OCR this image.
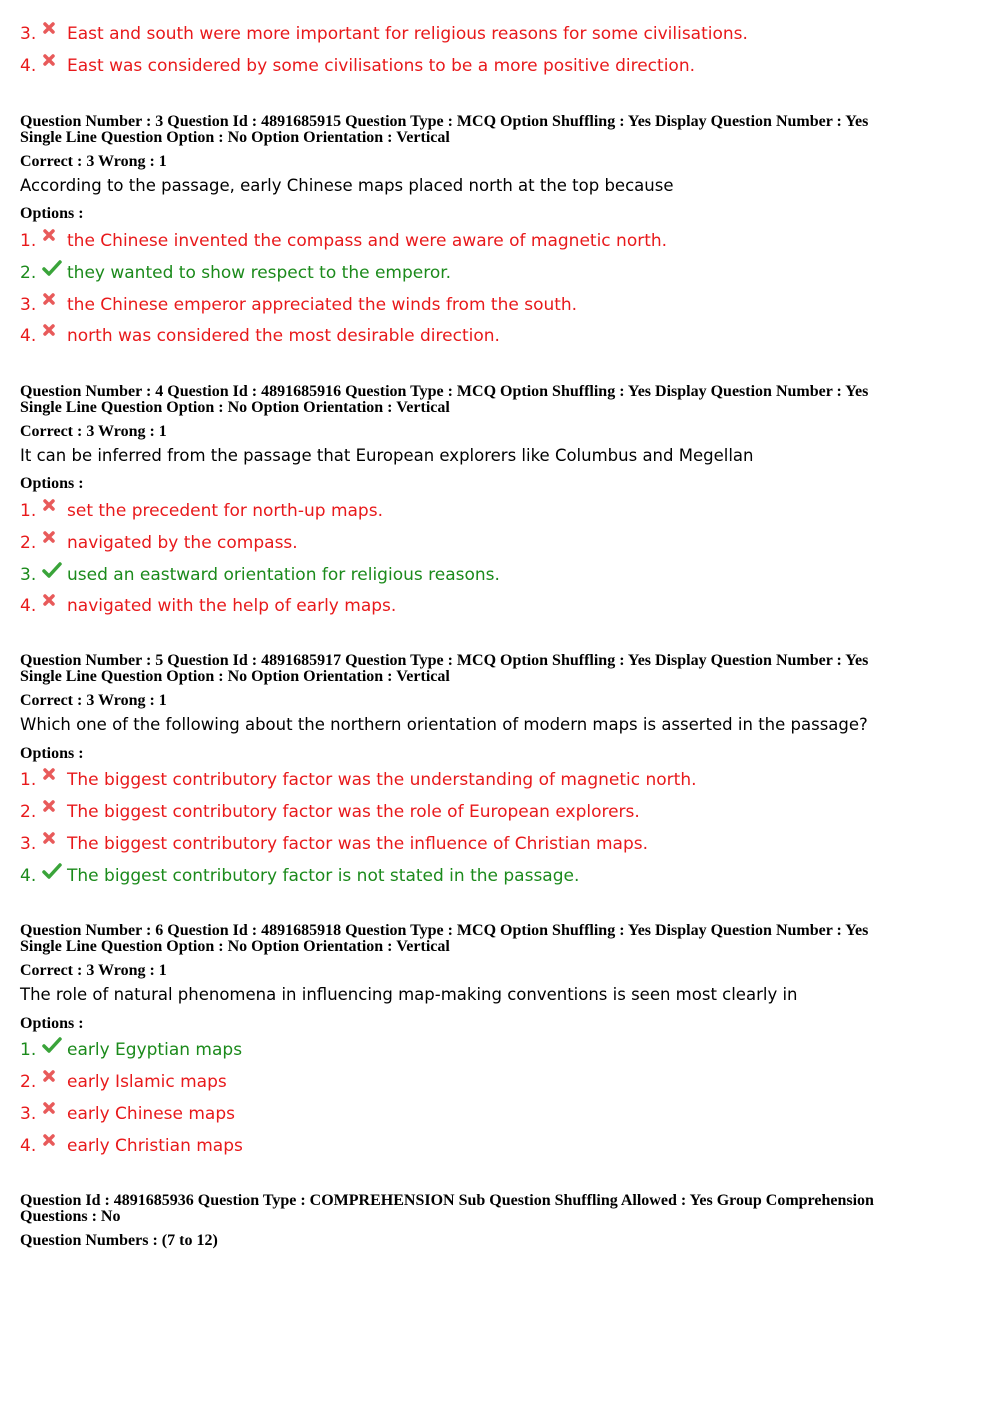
3. East and south were more important for religious reasons for some civilisations.
4. East was considered by some civilisations to be a more positive direction.
Question Number : 3 Question Id : 4891685915 Question Type : MCQ Option Shuffling : Yes Display Question Number : Yes
Single Line Question Option : No Option Orientation : Vertical
Correct : 3 Wrong : 1
According to the passage, early Chinese maps placed north at the top because
Options :
1. the Chinese invented the compass and were aware of magnetic north.
2. they wanted to show respect to the emperor.
3. the Chinese emperor appreciated the winds from the south.
4. north was considered the most desirable direction.
Question Number : 4 Question Id : 4891685916 Question Type : MCQ Option Shuffling : Yes Display Question Number : Yes
Single Line Question Option : No Option Orientation : Vertical
Correct : 3 Wrong : 1
It can be inferred from the passage that European explorers like Columbus and Megellan
Options :
1. set the precedent for north-up maps.
2. navigated by the compass.
3. used an eastward orientation for religious reasons.
4. navigated with the help of early maps.
Question Number : 5 Question Id : 4891685917 Question Type : MCQ Option Shuffling : Yes Display Question Number : Yes
Single Line Question Option : No Option Orientation : Vertical
Correct : 3 Wrong : 1
Which one of the following about the northern orientation of modern maps is asserted in the passage?
Options :
1. The biggest contributory factor was the understanding of magnetic north.
2. The biggest contributory factor was the role of European explorers.
3. The biggest contributory factor was the influence of Christian maps.
4. The biggest contributory factor is not stated in the passage.
Question Number : 6 Question Id : 4891685918 Question Type : MCQ Option Shuffling : Yes Display Question Number : Yes
Single Line Question Option : No Option Orientation : Vertical
Correct : 3 Wrong : 1
The role of natural phenomena in influencing map-making conventions is seen most clearly in
Options :
1. early Egyptian maps
2. early Islamic maps
3. early Chinese maps
4. early Christian maps
Question Id : 4891685936 Question Type : COMPREHENSION Sub Question Shuffling Allowed : Yes Group Comprehension
Questions : No
Question Numbers : (7 to 12)
